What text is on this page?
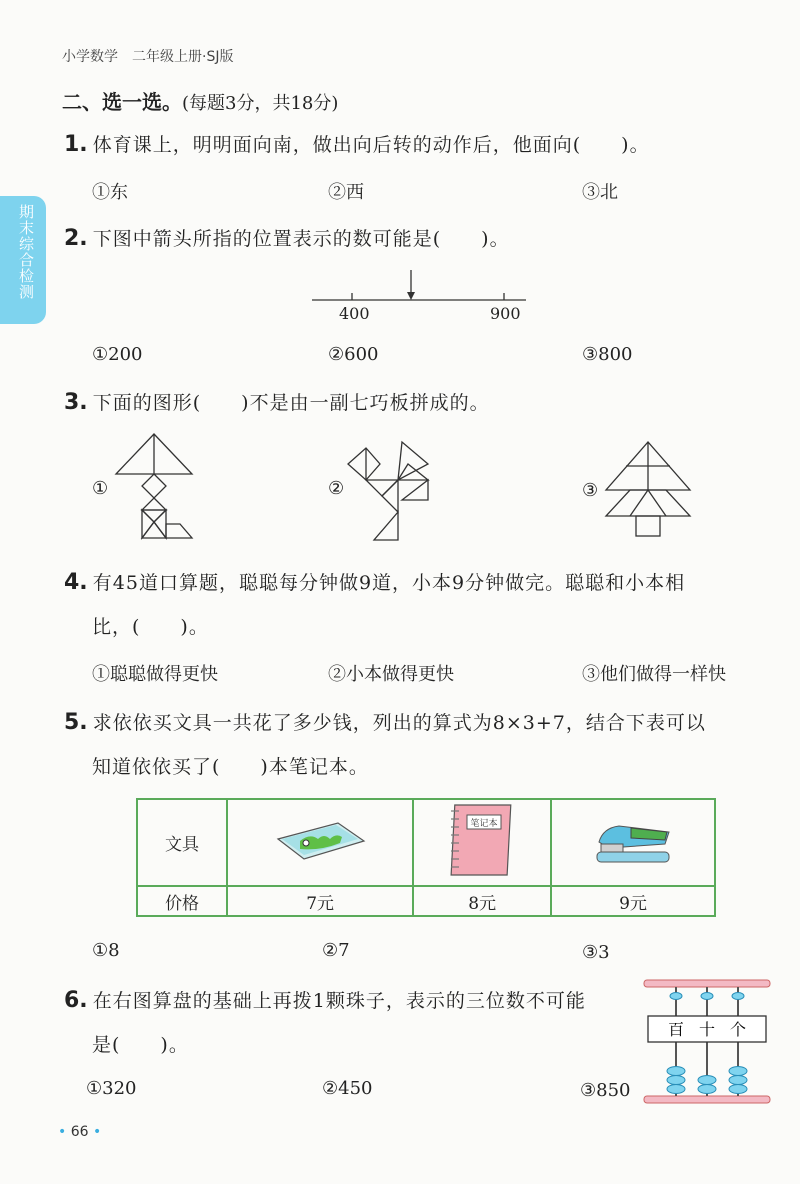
小学数学　二年级上册·SJ版
期末综合检测
二、选一选。(每题3分，共18分)
1. 体育课上，明明面向南，做出向后转的动作后，他面向(　　)。
①东	②西	③北
2. 下图中箭头所指的位置表示的数可能是(　　)。
400	900
①200	②600	③800
3. 下面的图形(　　)不是由一副七巧板拼成的。
①	②	③
4. 有45道口算题，聪聪每分钟做9道，小本9分钟做完。聪聪和小本相
比，(　　)。
①聪聪做得更快	②小本做得更快	③他们做得一样快
5. 求依依买文具一共花了多少钱，列出的算式为8×3+7，结合下表可以
知道依依买了(　　)本笔记本。
文具		笔记本

价格	7元	8元	9元
①8	②7	③3
6. 在右图算盘的基础上再拨1颗珠子，表示的三位数不可能
是(　　)。
①320	②450	③850
百 十 个
• 66 •
